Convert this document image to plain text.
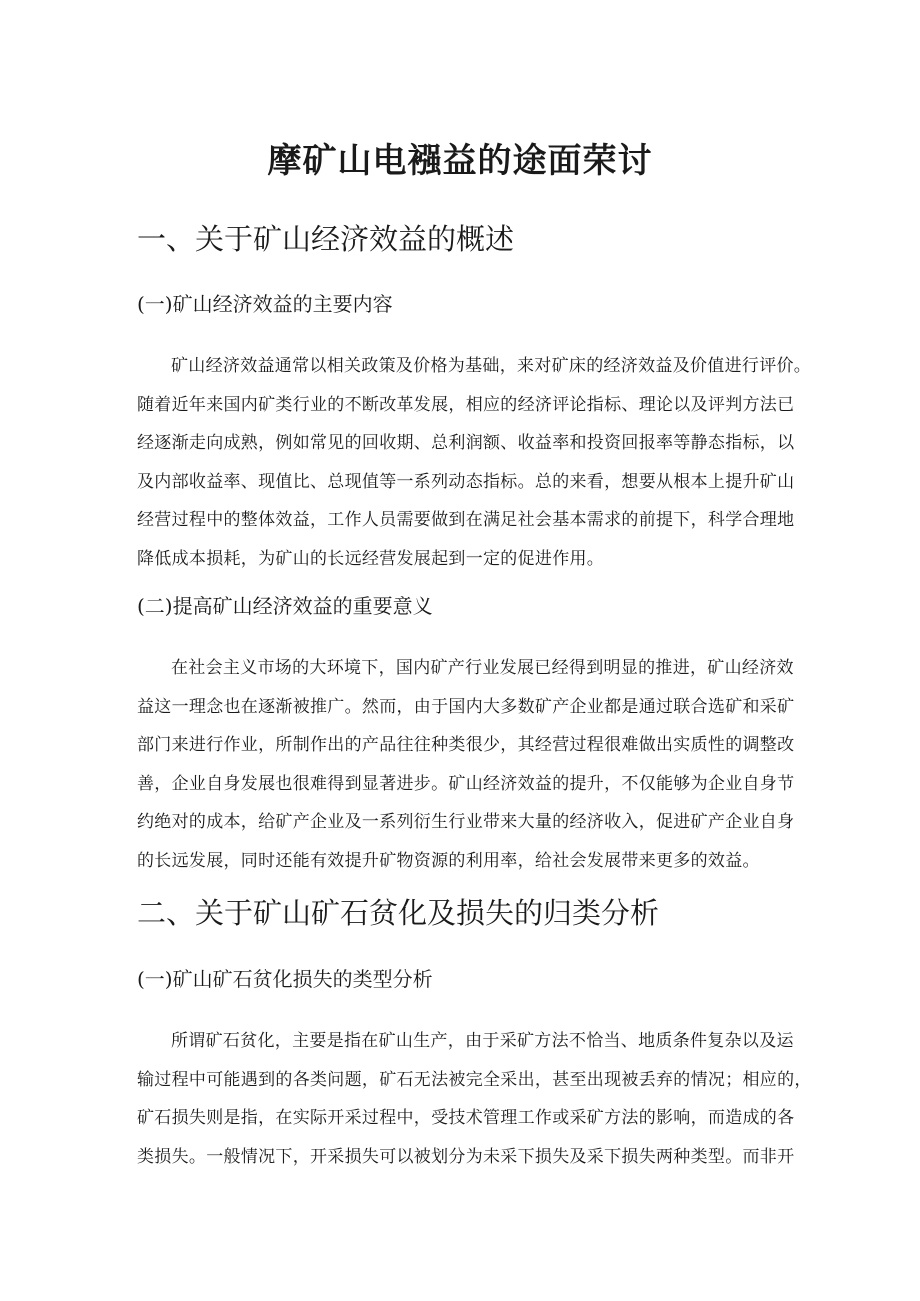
摩矿山电襁益的途面荣讨
一、关于矿山经济效益的概述
(一)矿山经济效益的主要内容

矿山经济效益通常以相关政策及价格为基础，来对矿床的经济效益及价值进行评价。
随着近年来国内矿类行业的不断改革发展，相应的经济评论指标、理论以及评判方法已
经逐渐走向成熟，例如常见的回收期、总利润额、收益率和投资回报率等静态指标，以
及内部收益率、现值比、总现值等一系列动态指标。总的来看，想要从根本上提升矿山
经营过程中的整体效益，工作人员需要做到在满足社会基本需求的前提下，科学合理地
降低成本损耗，为矿山的长远经营发展起到一定的促进作用。

(二)提高矿山经济效益的重要意义

在社会主义市场的大环境下，国内矿产行业发展已经得到明显的推进，矿山经济效
益这一理念也在逐渐被推广。然而，由于国内大多数矿产企业都是通过联合选矿和采矿
部门来进行作业，所制作出的产品往往种类很少，其经营过程很难做出实质性的调整改
善，企业自身发展也很难得到显著进步。矿山经济效益的提升，不仅能够为企业自身节
约绝对的成本，给矿产企业及一系列衍生行业带来大量的经济收入，促进矿产企业自身
的长远发展，同时还能有效提升矿物资源的利用率，给社会发展带来更多的效益。

二、关于矿山矿石贫化及损失的归类分析
(一)矿山矿石贫化损失的类型分析

所谓矿石贫化，主要是指在矿山生产，由于采矿方法不恰当、地质条件复杂以及运
输过程中可能遇到的各类问题，矿石无法被完全采出，甚至出现被丢弃的情况；相应的，
矿石损失则是指，在实际开采过程中，受技术管理工作或采矿方法的影响，而造成的各
类损失。一般情况下，开采损失可以被划分为未采下损失及采下损失两种类型。而非开
